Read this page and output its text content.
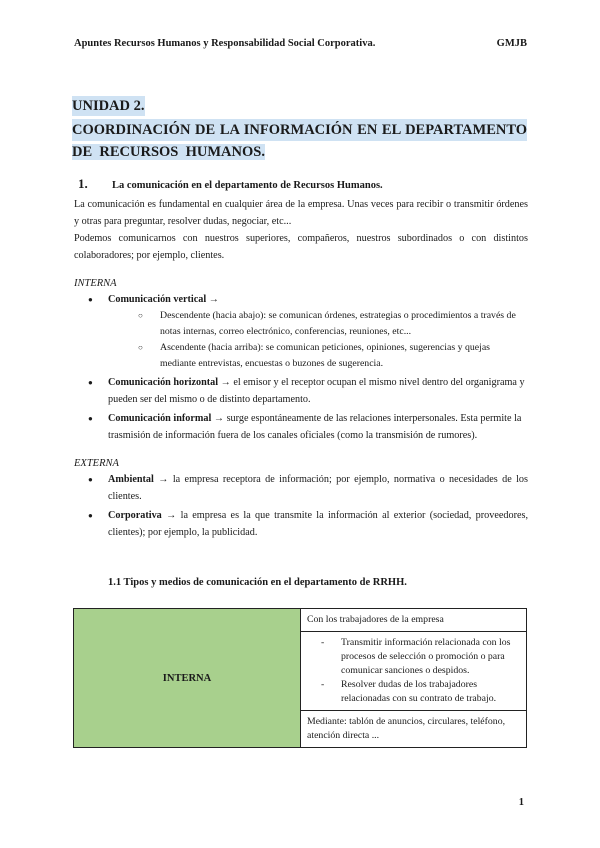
Apuntes Recursos Humanos y Responsabilidad Social Corporativa.	GMJB
UNIDAD 2.
COORDINACIÓN DE LA INFORMACIÓN EN EL DEPARTAMENTO
DE  RECURSOS  HUMANOS.
1.	La comunicación en el departamento de Recursos Humanos.

La comunicación es fundamental en cualquier área de la empresa. Unas veces para recibir o transmitir órdenes y otras para preguntar, resolver dudas, negociar, etc...

Podemos comunicarnos con nuestros superiores, compañeros, nuestros subordinados o con distintos colaboradores; por ejemplo, clientes.

INTERNA
● Comunicación vertical →
○ Descendente (hacia abajo): se comunican órdenes, estrategias o procedimientos a través de notas internas, correo electrónico, conferencias, reuniones, etc...
○ Ascendente (hacia arriba): se comunican peticiones, opiniones, sugerencias y quejas mediante entrevistas, encuestas o buzones de sugerencia.
● Comunicación horizontal → el emisor y el receptor ocupan el mismo nivel dentro del organigrama y pueden ser del mismo o de distinto departamento.
● Comunicación informal → surge espontáneamente de las relaciones interpersonales. Esta permite la trasmisión de información fuera de los canales oficiales (como la transmisión de rumores).
EXTERNA
● Ambiental → la empresa receptora de información; por ejemplo, normativa o necesidades de los clientes.
● Corporativa → la empresa es la que transmite la información al exterior (sociedad, proveedores, clientes); por ejemplo, la publicidad.
1.1 Tipos y medios de comunicación en el departamento de RRHH.
INTERNA	Con los trabajadores de la empresa

- Transmitir información relacionada con los procesos de selección o promoción o para comunicar sanciones o despidos.
- Resolver dudas de los trabajadores relacionadas con su contrato de trabajo.

Mediante: tablón de anuncios, circulares, teléfono, atención directa ...
1
